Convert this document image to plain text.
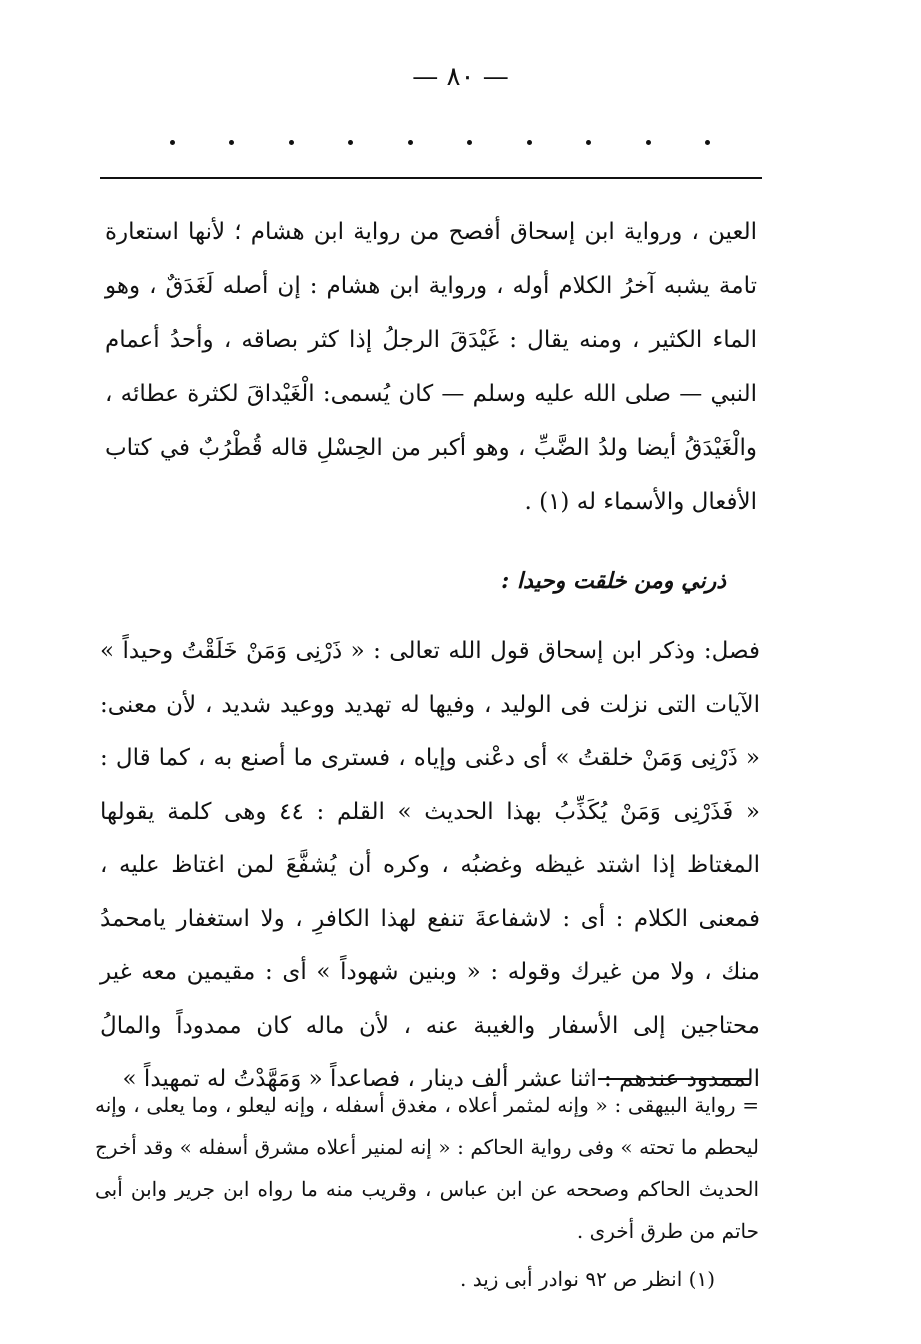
— ٨٠ —

العين ، ورواية ابن إسحاق أفصح من رواية ابن هشام ؛ لأنها استعارة تامة يشبه آخرُ الكلام أوله ، ورواية ابن هشام : إن أصله لَغَدَقٌ ، وهو الماء الكثير ، ومنه يقال : غَيْدَقَ الرجلُ إذا كثر بصاقه ، وأحدُ أعمام النبي — صلى الله عليه وسلم — كان يُسمى: الْغَيْداقَ لكثرة عطائه ، والْغَيْدَقُ أيضا ولدُ الضَّبِّ ، وهو أكبر من الحِسْلِ قاله قُطْرُبٌ في كتاب الأفعال والأسماء له (١) .

ذرني ومن خلقت وحيدا :

فصل: وذكر ابن إسحاق قول الله تعالى : « ذَرْنِى وَمَنْ خَلَقْتُ وحيداً » الآيات التى نزلت فى الوليد ، وفيها له تهديد ووعيد شديد ، لأن معنى: « ذَرْنِى وَمَنْ خلقتُ » أى دعْنى وإياه ، فسترى ما أصنع به ، كما قال : « فَذَرْنِى وَمَنْ يُكَذِّبُ بهذا الحديث » القلم : ٤٤ وهى كلمة يقولها المغتاظ إذا اشتد غيظه وغضبُه ، وكره أن يُشفَّعَ لمن اغتاظ عليه ، فمعنى الكلام : أى : لاشفاعةَ تنفع لهذا الكافرِ ، ولا استغفار يامحمدُ منك ، ولا من غيرك وقوله : « وبنين شهوداً » أى : مقيمين معه غير محتاجين إلى الأسفار والغيبة عنه ، لأن ماله كان ممدوداً والمالُ الممدود عندهم : اثنا عشر ألف دينار ، فصاعداً « وَمَهَّدْتُ له تمهيداً »

= رواية البيهقى : « وإنه لمثمر أعلاه ، مغدق أسفله ، وإنه ليعلو ، وما يعلى ، وإنه ليحطم ما تحته » وفى رواية الحاكم : « إنه لمنير أعلاه مشرق أسفله » وقد أخرج الحديث الحاكم وصححه عن ابن عباس ، وقريب منه ما رواه ابن جرير وابن أبى حاتم من طرق أخرى .

(١) انظر ص ٩٢ نوادر أبى زيد .
